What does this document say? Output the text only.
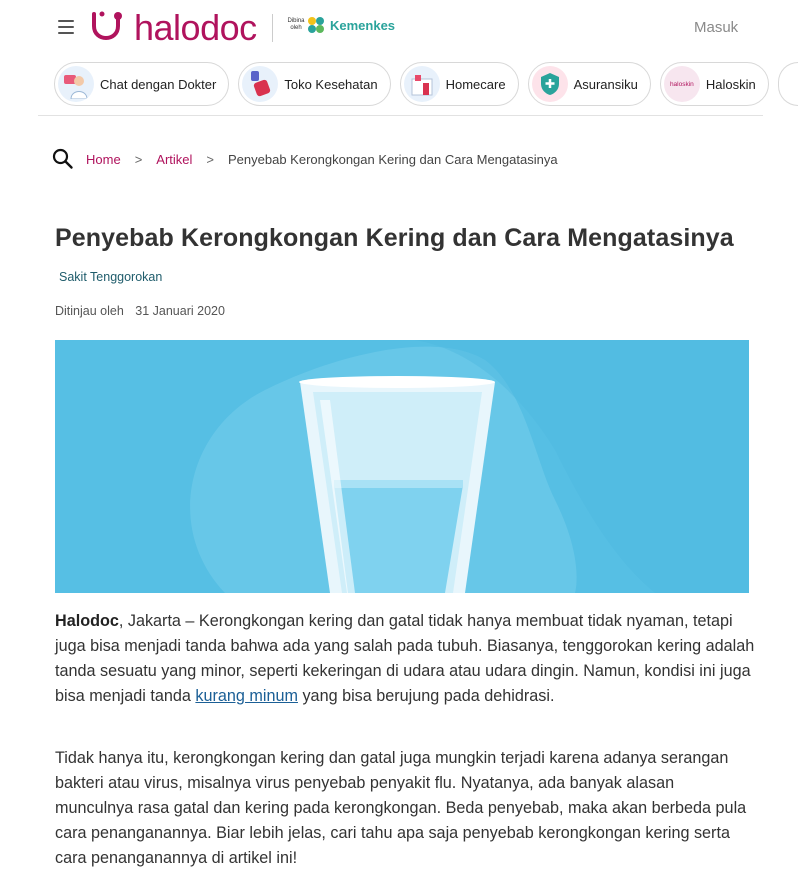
halodoc	Dibina oleh	Kemenkes	Masuk
Chat dengan Dokter	Toko Kesehatan	Homecare	Asuransiku	haloskin Haloskin
Home > Artikel > Penyebab Kerongkongan Kering dan Cara Mengatasinya
Penyebab Kerongkongan Kering dan Cara Mengatasinya
Sakit Tenggorokan
Ditinjau oleh 31 Januari 2020

Halodoc, Jakarta – Kerongkongan kering dan gatal tidak hanya membuat tidak nyaman, tetapi juga bisa menjadi tanda bahwa ada yang salah pada tubuh. Biasanya, tenggorokan kering adalah tanda sesuatu yang minor, seperti kekeringan di udara atau udara dingin. Namun, kondisi ini juga bisa menjadi tanda kurang minum yang bisa berujung pada dehidrasi.

Tidak hanya itu, kerongkongan kering dan gatal juga mungkin terjadi karena adanya serangan bakteri atau virus, misalnya virus penyebab penyakit flu. Nyatanya, ada banyak alasan munculnya rasa gatal dan kering pada kerongkongan. Beda penyebab, maka akan berbeda pula cara penanganannya. Biar lebih jelas, cari tahu apa saja penyebab kerongkongan kering serta cara penanganannya di artikel ini!
